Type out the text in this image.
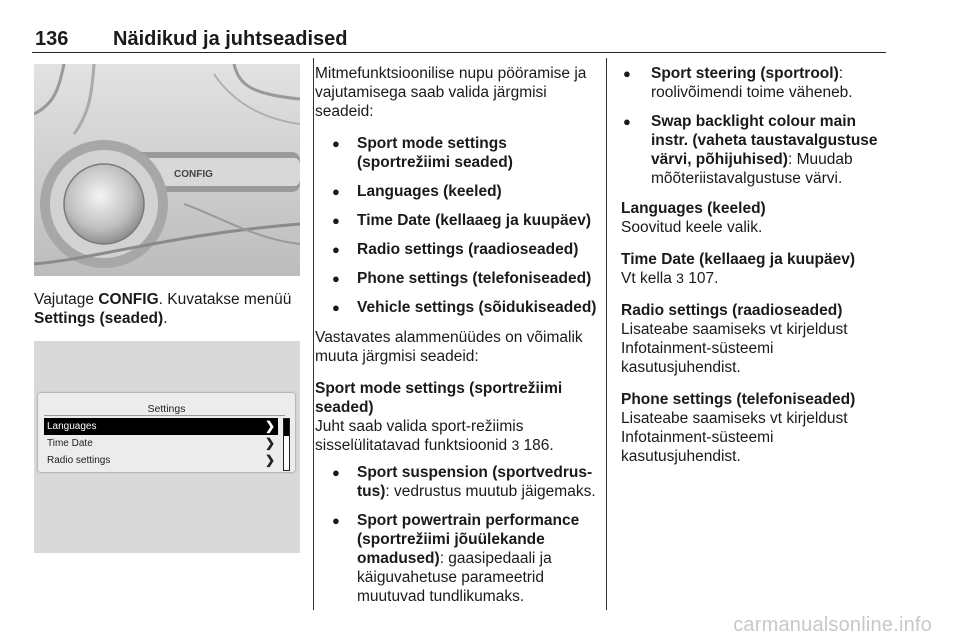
136 Näidikud ja juhtseadised
CONFIG

Vajutage CONFIG. Kuvatakse menüü Settings (seaded).

Settings
Languages	❯
Time Date	❯
Radio settings	❯

Mitmefunktsioonilise nupu pööramise ja vajutamisega saab valida järgmisi seadeid:

● Sport mode settings (sportrežiimi seaded)
● Languages (keeled)
● Time Date (kellaaeg ja kuupäev)
● Radio settings (raadioseaded)
● Phone settings (telefoniseaded)
● Vehicle settings (sõidukiseaded)

Vastavates alammenüüdes on võimalik muuta järgmisi seadeid:

Sport mode settings (sportrežiimi seaded)
Juht saab valida sport-režiimis sisselülitatavad funktsioonid 3 186.

● Sport suspension (sportvedrus-tus): vedrustus muutub jäigemaks.
● Sport powertrain performance (sportrežiimi jõuülekande omadused): gaasipedaali ja käiguvahetuse parameetrid muutuvad tundlikumaks.
● Sport steering (sportrool): roolivõimendi toime väheneb.
● Swap backlight colour main instr. (vaheta taustavalgustuse värvi, põhijuhised): Muudab mõõteriistavalgustuse värvi.

Languages (keeled)
Soovitud keele valik.

Time Date (kellaaeg ja kuupäev)
Vt kella 3 107.

Radio settings (raadioseaded)
Lisateabe saamiseks vt kirjeldust Infotainment-süsteemi kasutusjuhendist.

Phone settings (telefoniseaded)
Lisateabe saamiseks vt kirjeldust Infotainment-süsteemi kasutusjuhendist.

carmanualsonline.info
